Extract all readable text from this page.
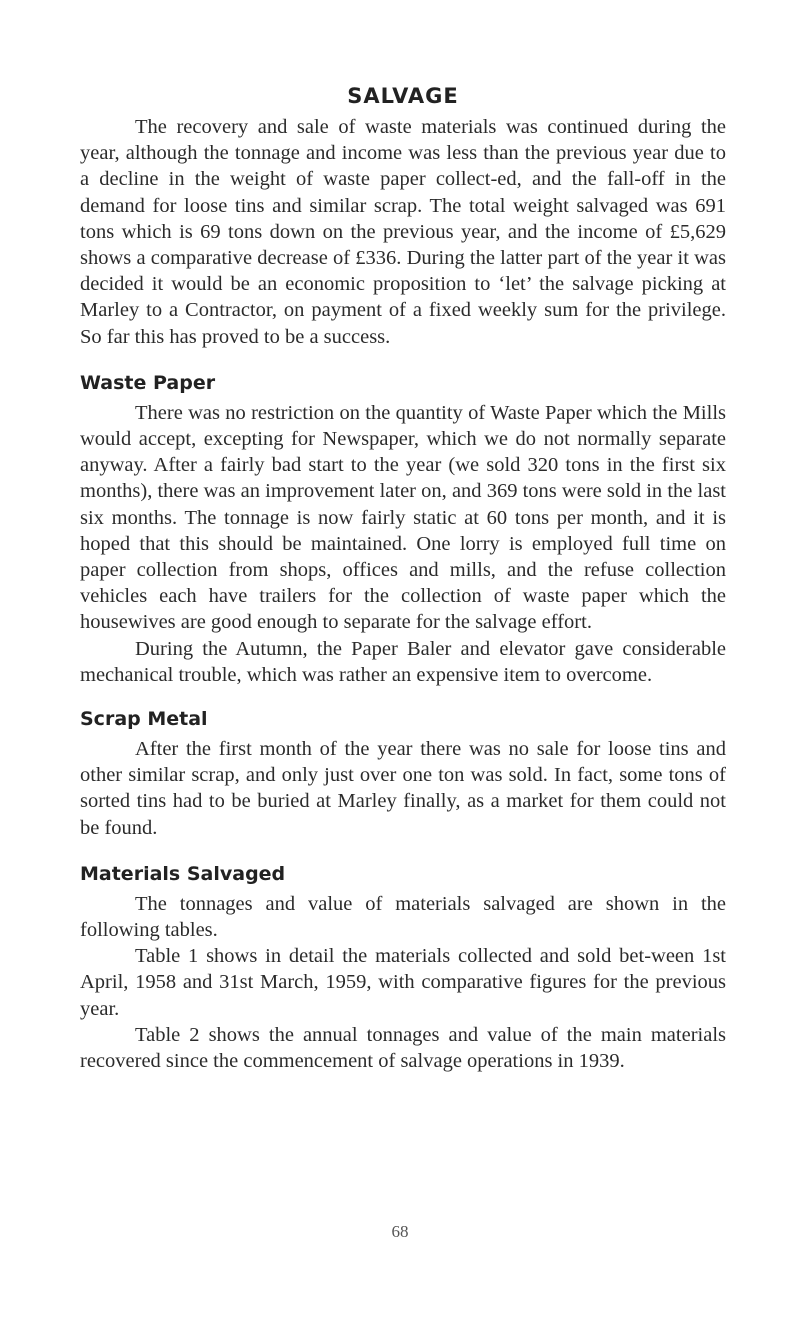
SALVAGE

The recovery and sale of waste materials was continued during the year, although the tonnage and income was less than the previous year due to a decline in the weight of waste paper collect-ed, and the fall-off in the demand for loose tins and similar scrap. The total weight salvaged was 691 tons which is 69 tons down on the previous year, and the income of £5,629 shows a comparative decrease of £336. During the latter part of the year it was decided it would be an economic proposition to ‘let’ the salvage picking at Marley to a Contractor, on payment of a fixed weekly sum for the privilege. So far this has proved to be a success.

Waste Paper

There was no restriction on the quantity of Waste Paper which the Mills would accept, excepting for Newspaper, which we do not normally separate anyway. After a fairly bad start to the year (we sold 320 tons in the first six months), there was an improvement later on, and 369 tons were sold in the last six months. The tonnage is now fairly static at 60 tons per month, and it is hoped that this should be maintained. One lorry is employed full time on paper collection from shops, offices and mills, and the refuse collection vehicles each have trailers for the collection of waste paper which the housewives are good enough to separate for the salvage effort.

During the Autumn, the Paper Baler and elevator gave considerable mechanical trouble, which was rather an expensive item to overcome.

Scrap Metal

After the first month of the year there was no sale for loose tins and other similar scrap, and only just over one ton was sold. In fact, some tons of sorted tins had to be buried at Marley finally, as a market for them could not be found.

Materials Salvaged

The tonnages and value of materials salvaged are shown in the following tables.

Table 1 shows in detail the materials collected and sold bet-ween 1st April, 1958 and 31st March, 1959, with comparative figures for the previous year.

Table 2 shows the annual tonnages and value of the main materials recovered since the commencement of salvage operations in 1939.

68
